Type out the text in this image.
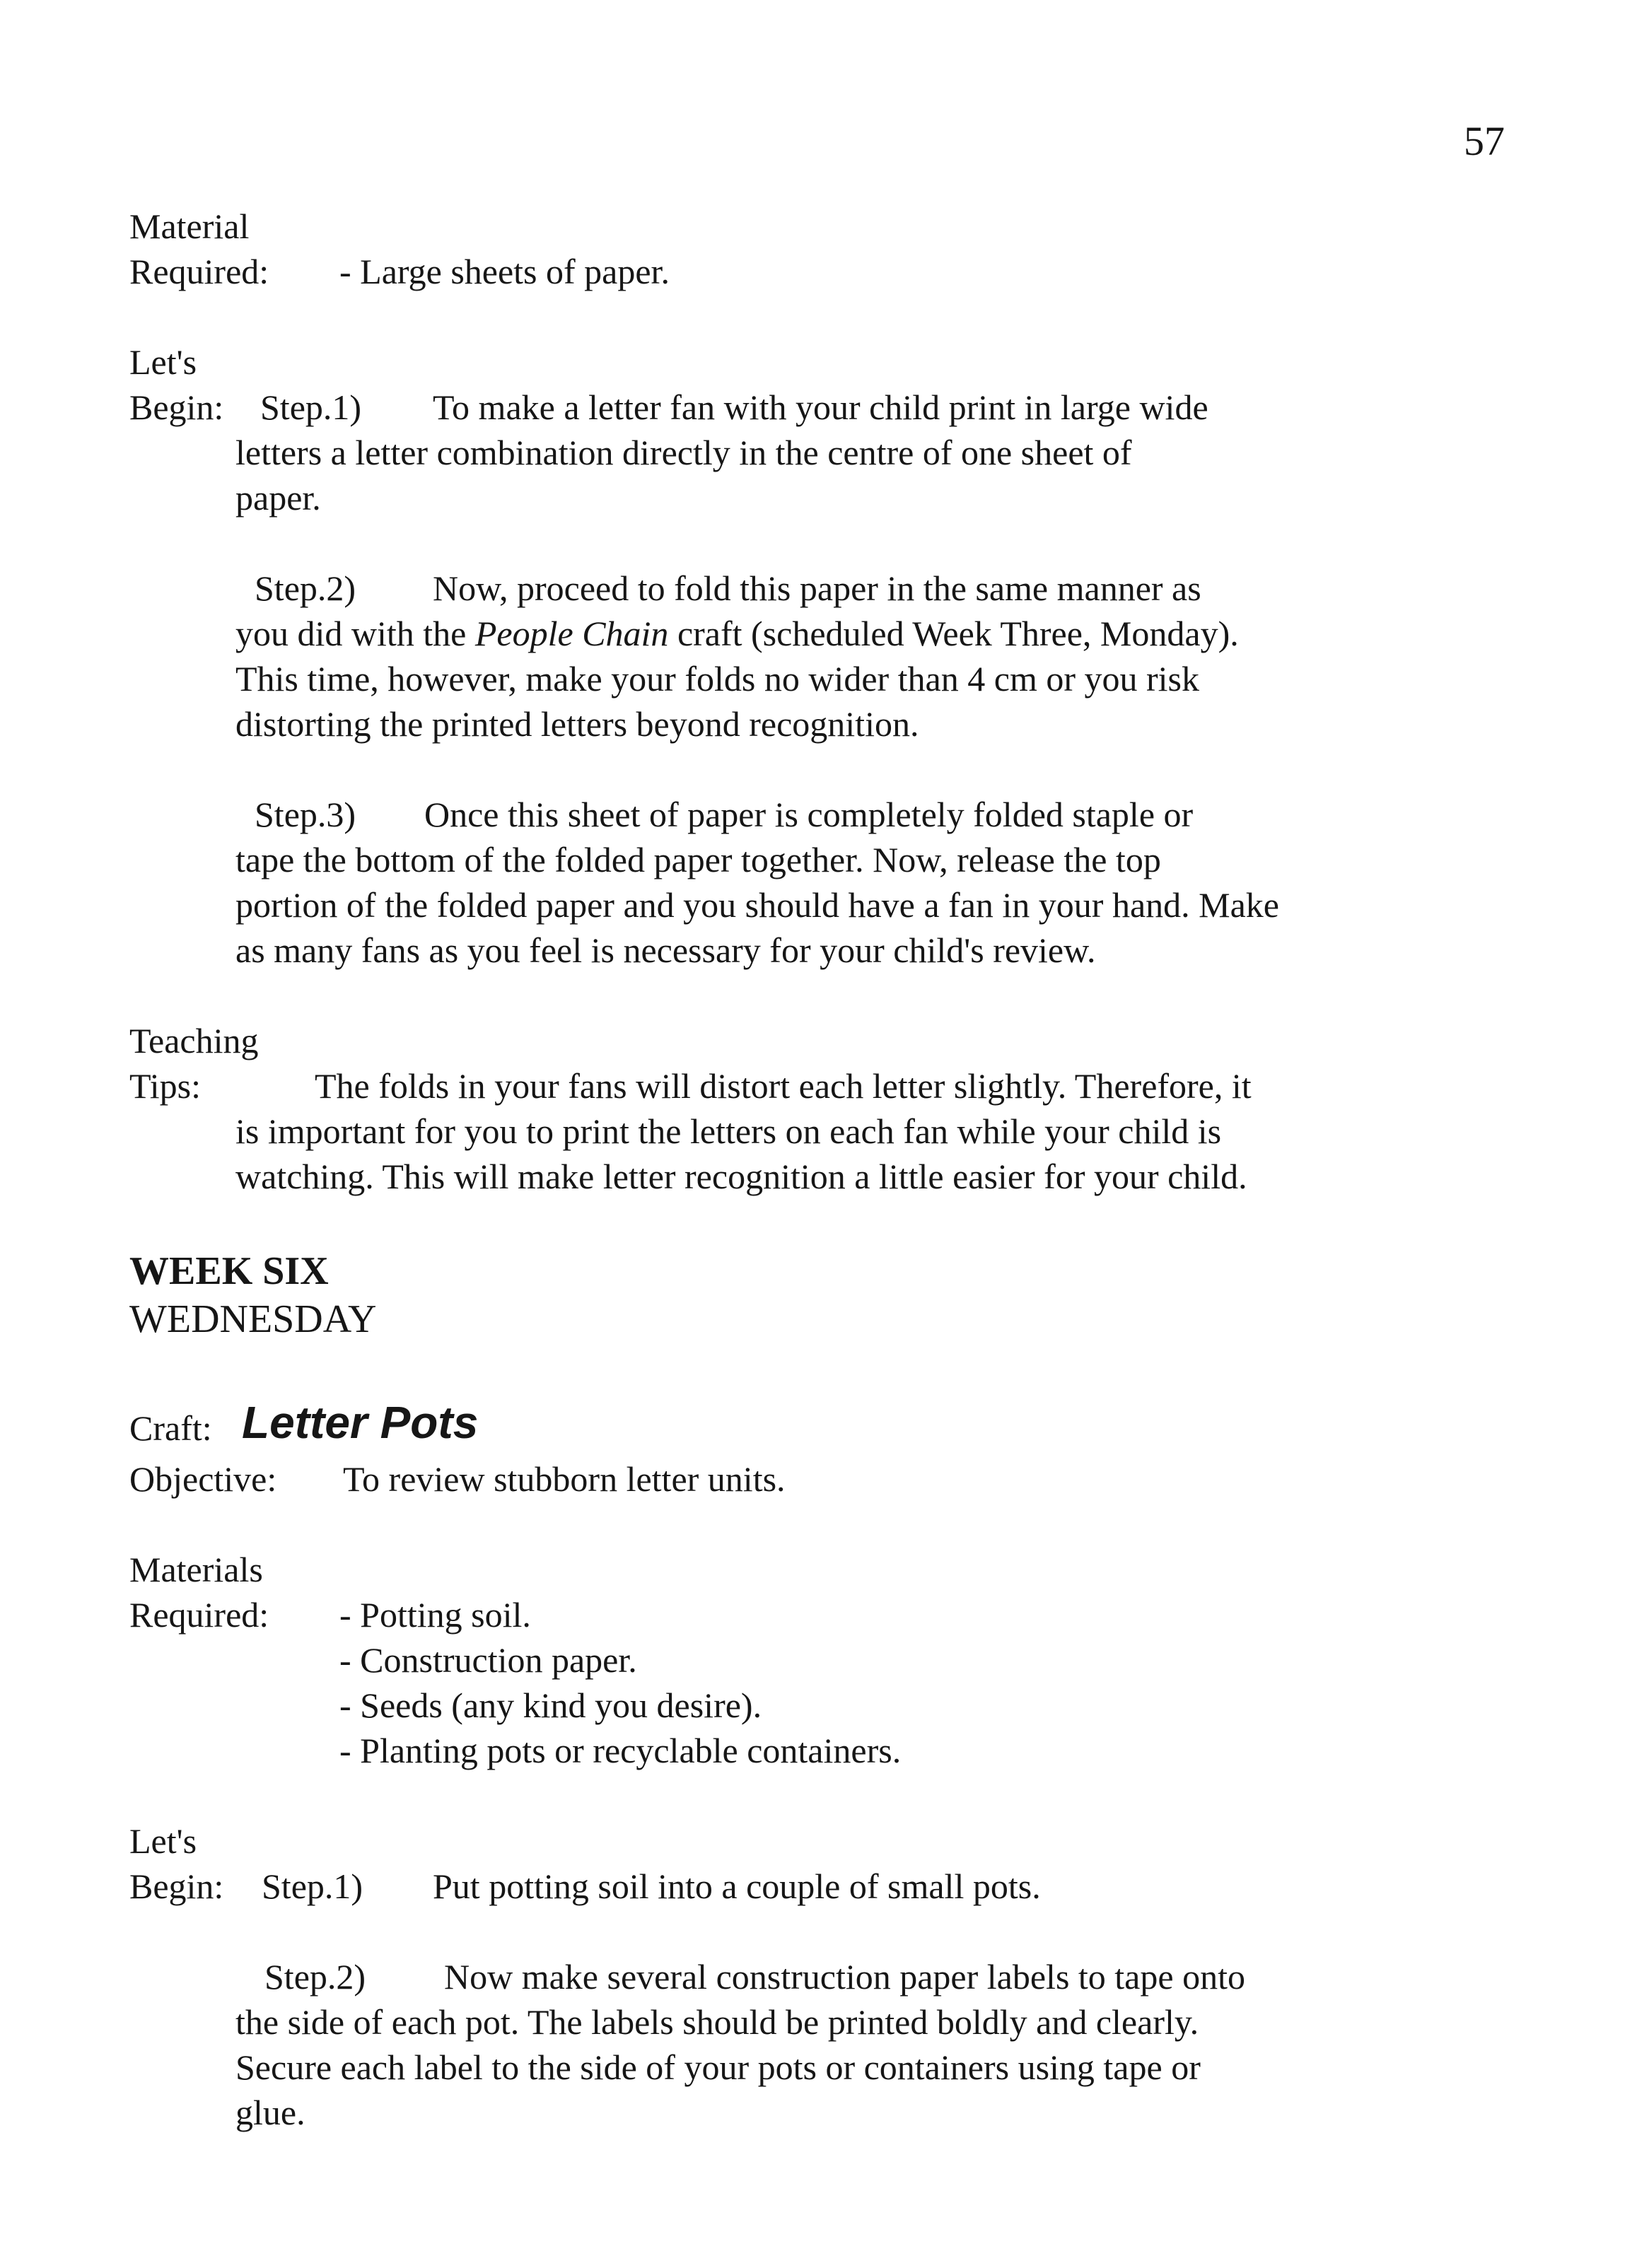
57
Material
Required: - Large sheets of paper.
Let's
Begin: Step.1) To make a letter fan with your child print in large wide
letters a letter combination directly in the centre of one sheet of
paper.
Step.2) Now, proceed to fold this paper in the same manner as
you did with the People Chain craft (scheduled Week Three, Monday).
This time, however, make your folds no wider than 4 cm or you risk
distorting the printed letters beyond recognition.
Step.3) Once this sheet of paper is completely folded staple or
tape the bottom of the folded paper together. Now, release the top
portion of the folded paper and you should have a fan in your hand. Make
as many fans as you feel is necessary for your child's review.
Teaching
Tips:	The folds in your fans will distort each letter slightly. Therefore, it
is important for you to print the letters on each fan while your child is
watching. This will make letter recognition a little easier for your child.
WEEK SIX
WEDNESDAY
Craft: Letter Pots
Objective: To review stubborn letter units.
Materials
Required: - Potting soil.
- Construction paper.
- Seeds (any kind you desire).
- Planting pots or recyclable containers.
Let's
Begin: Step.1) Put potting soil into a couple of small pots.
Step.2) Now make several construction paper labels to tape onto
the side of each pot. The labels should be printed boldly and clearly.
Secure each label to the side of your pots or containers using tape or
glue.
